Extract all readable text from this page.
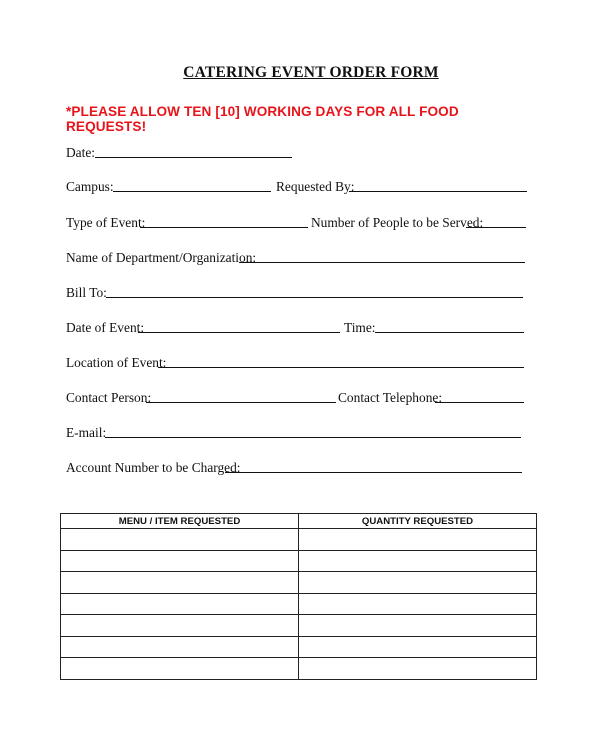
CATERING EVENT ORDER FORM
*PLEASE ALLOW TEN [10] WORKING DAYS FOR ALL FOOD REQUESTS!
Date:
Campus:	Requested By:
Type of Event:	Number of People to be Served:
Name of Department/Organization:
Bill To:
Date of Event:	Time:
Location of Event:
Contact Person:	Contact Telephone:
E-mail:
Account Number to be Charged:
MENU / ITEM REQUESTED	QUANTITY REQUESTED
